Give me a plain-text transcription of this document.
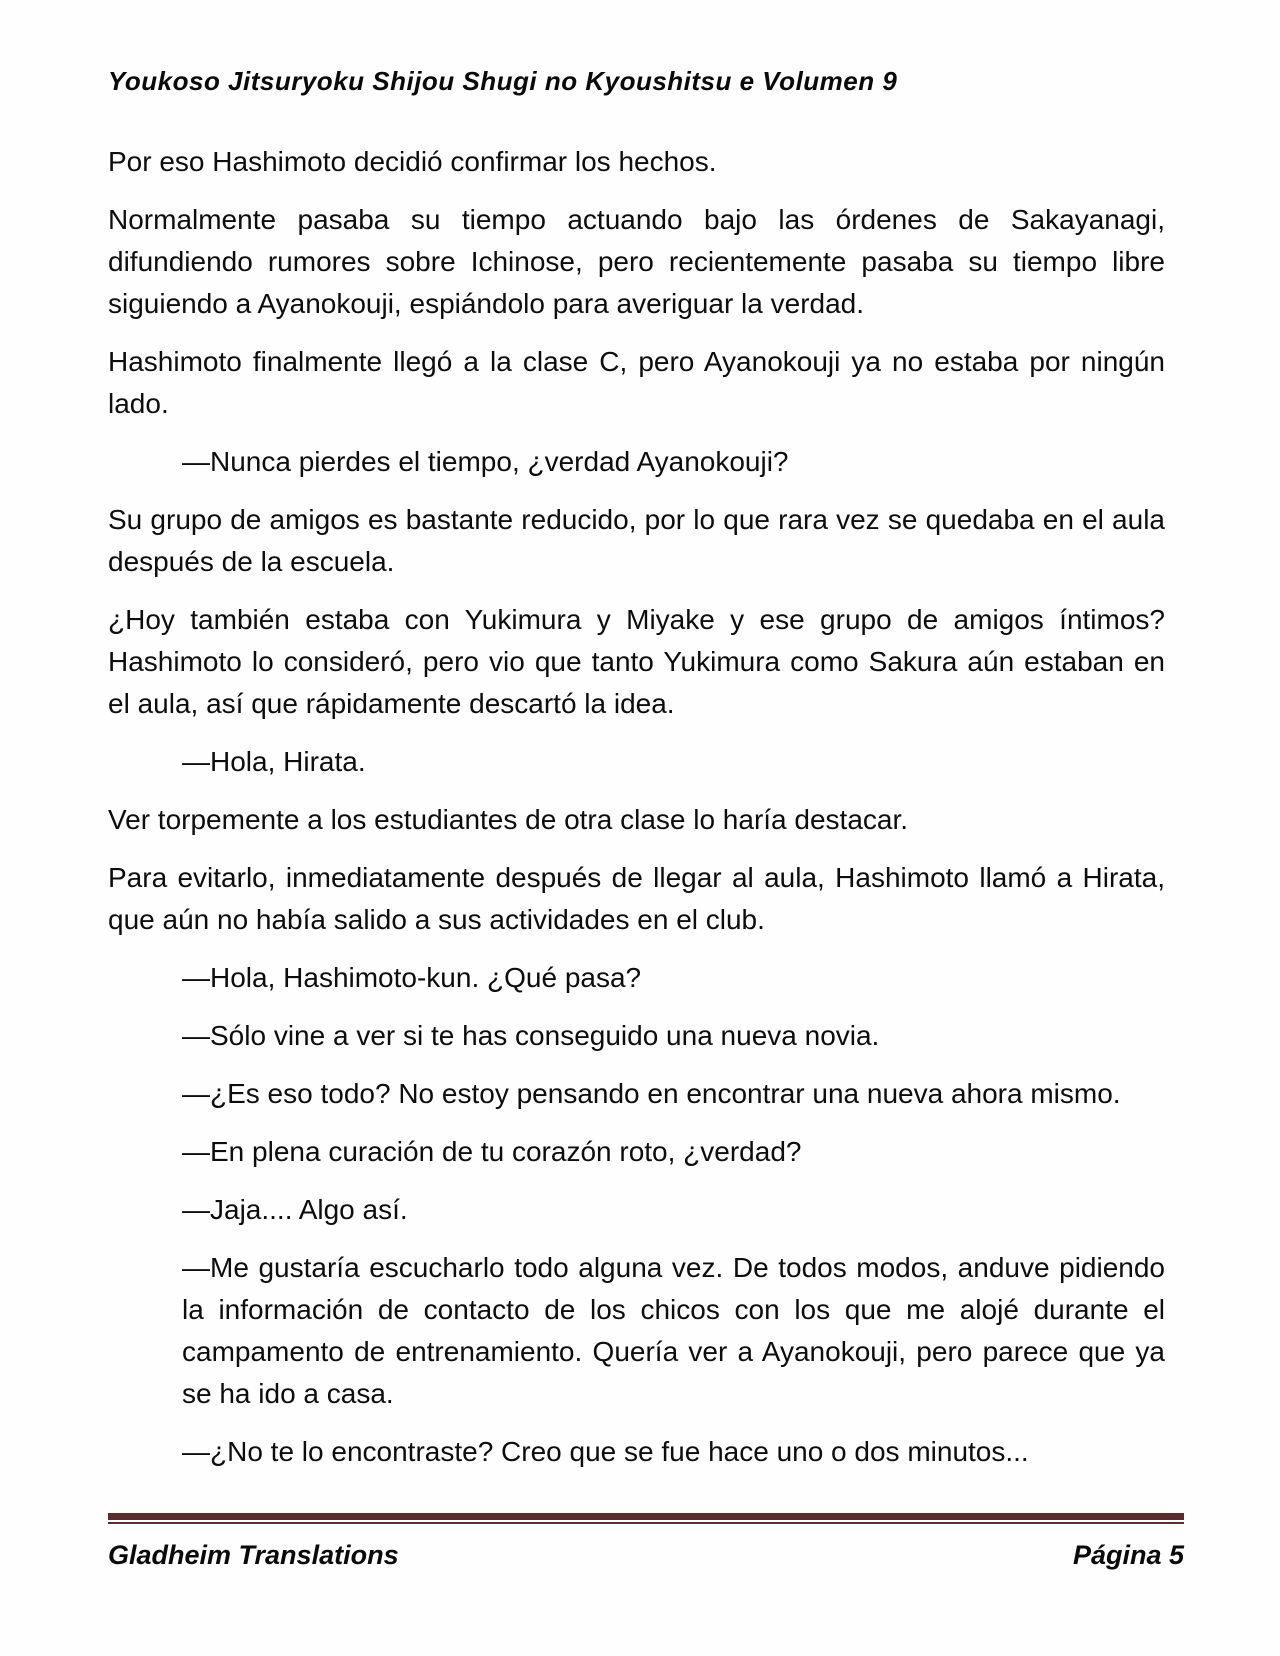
Youkoso Jitsuryoku Shijou Shugi no Kyoushitsu e Volumen 9

Por eso Hashimoto decidió confirmar los hechos.

Normalmente pasaba su tiempo actuando bajo las órdenes de Sakayanagi, difundiendo rumores sobre Ichinose, pero recientemente pasaba su tiempo libre siguiendo a Ayanokouji, espiándolo para averiguar la verdad.

Hashimoto finalmente llegó a la clase C, pero Ayanokouji ya no estaba por ningún lado.

—Nunca pierdes el tiempo, ¿verdad Ayanokouji?

Su grupo de amigos es bastante reducido, por lo que rara vez se quedaba en el aula después de la escuela.

¿Hoy también estaba con Yukimura y Miyake y ese grupo de amigos íntimos? Hashimoto lo consideró, pero vio que tanto Yukimura como Sakura aún estaban en el aula, así que rápidamente descartó la idea.

—Hola, Hirata.

Ver torpemente a los estudiantes de otra clase lo haría destacar.

Para evitarlo, inmediatamente después de llegar al aula, Hashimoto llamó a Hirata, que aún no había salido a sus actividades en el club.

—Hola, Hashimoto-kun. ¿Qué pasa?

—Sólo vine a ver si te has conseguido una nueva novia.

—¿Es eso todo? No estoy pensando en encontrar una nueva ahora mismo.

—En plena curación de tu corazón roto, ¿verdad?

—Jaja.... Algo así.

—Me gustaría escucharlo todo alguna vez. De todos modos, anduve pidiendo la información de contacto de los chicos con los que me alojé durante el campamento de entrenamiento. Quería ver a Ayanokouji, pero parece que ya se ha ido a casa.

—¿No te lo encontraste? Creo que se fue hace uno o dos minutos...

Gladheim Translations	Página 5
